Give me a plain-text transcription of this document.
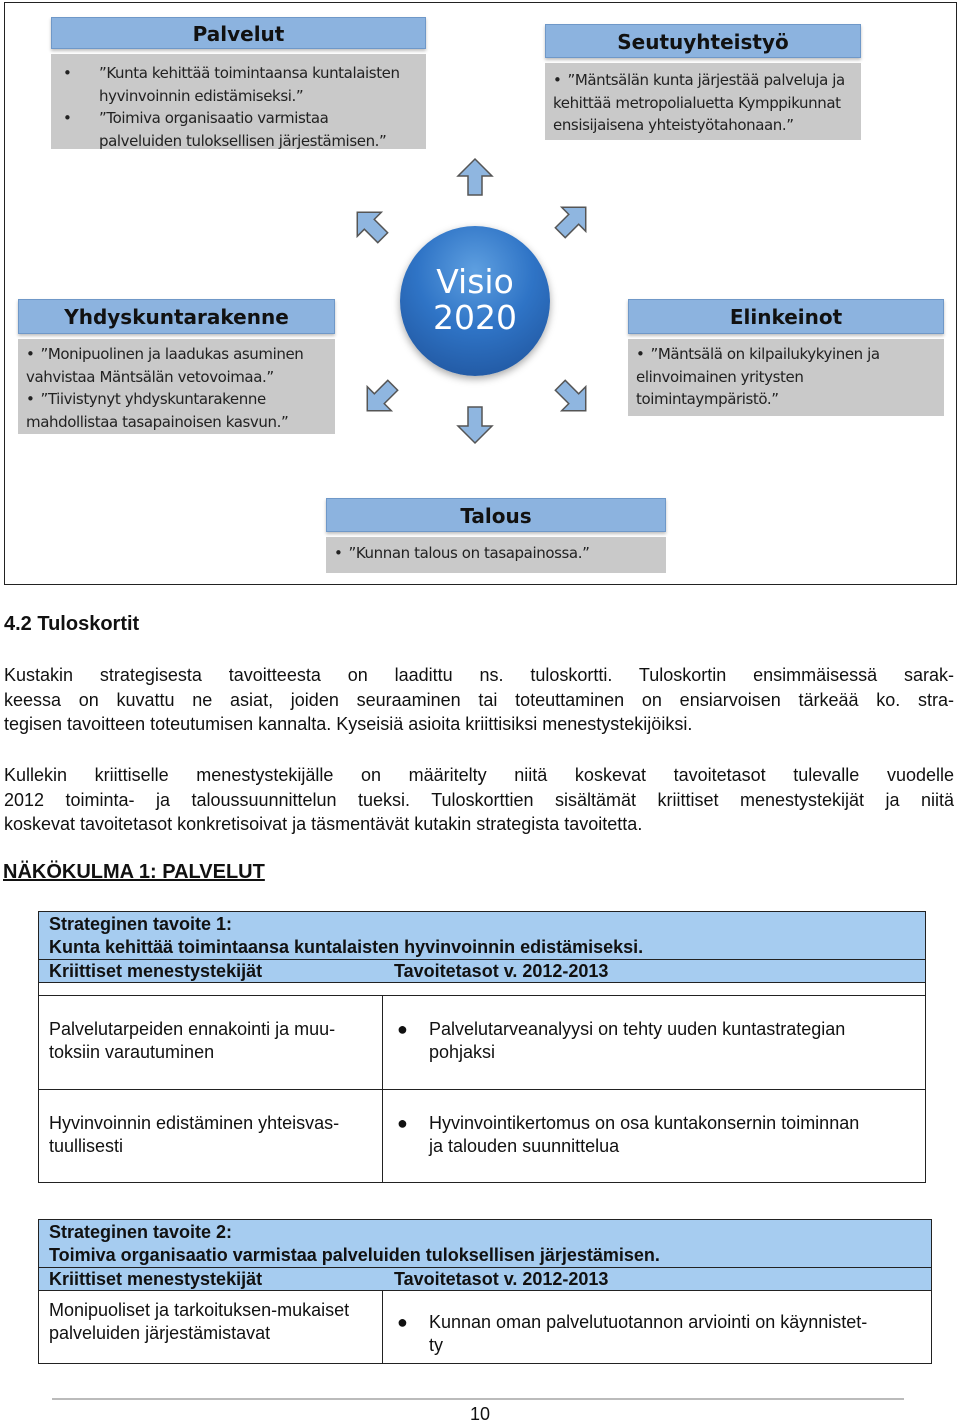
Palvelut
• ”Kunta kehittää toimintaansa kuntalaisten
hyvinvoinnin edistämiseksi.”
• ”Toimiva organisaatio varmistaa
palveluiden tuloksellisen järjestämisen.”
Seutuyhteistyö
• ”Mäntsälän kunta järjestää palveluja ja
kehittää metropolialuetta Kymppikunnat
ensisijaisena yhteistyötahonaan.”
Yhdyskuntarakenne
• ”Monipuolinen ja laadukas asuminen
vahvistaa Mäntsälän vetovoimaa.”
• ”Tiivistynyt yhdyskuntarakenne
mahdollistaa tasapainoisen kasvun.”
Elinkeinot
• ”Mäntsälä on kilpailukykyinen ja
elinvoimainen yritysten
toimintaympäristö.”
Talous
• ”Kunnan talous on tasapainossa.”
Visio
2020
4.2 Tuloskortit
Kustakin strategisesta tavoitteesta on laadittu ns. tuloskortti. Tuloskortin ensimmäisessä sarak-
keessa on kuvattu ne asiat, joiden seuraaminen tai toteuttaminen on ensiarvoisen tärkeää ko. stra-
tegisen tavoitteen toteutumisen kannalta. Kyseisiä asioita kriittisiksi menestystekijöiksi.
Kullekin kriittiselle menestystekijälle on määritelty niitä koskevat tavoitetasot tulevalle vuodelle
2012 toiminta- ja taloussuunnittelun tueksi. Tuloskorttien sisältämät kriittiset menestystekijät ja niitä
koskevat tavoitetasot konkretisoivat ja täsmentävät kutakin strategista tavoitetta.
NÄKÖKULMA 1: PALVELUT
Strateginen tavoite 1:
Kunta kehittää toimintaansa kuntalaisten hyvinvoinnin edistämiseksi.
Kriittiset menestystekijät	Tavoitetasot v. 2012-2013
Palvelutarpeiden ennakointi ja muu-
toksiin varautuminen
●	Palvelutarveanalyysi on tehty uuden kuntastrategian
pohjaksi
Hyvinvoinnin edistäminen yhteisvas-
tuullisesti
●	Hyvinvointikertomus on osa kuntakonsernin toiminnan
ja talouden suunnittelua
Strateginen tavoite 2:
Toimiva organisaatio varmistaa palveluiden tuloksellisen järjestämisen.
Kriittiset menestystekijät	Tavoitetasot v. 2012-2013
Monipuoliset ja tarkoituksen-mukaiset
palveluiden järjestämistavat
●	Kunnan oman palvelutuotannon arviointi on käynnistet-
ty
10
